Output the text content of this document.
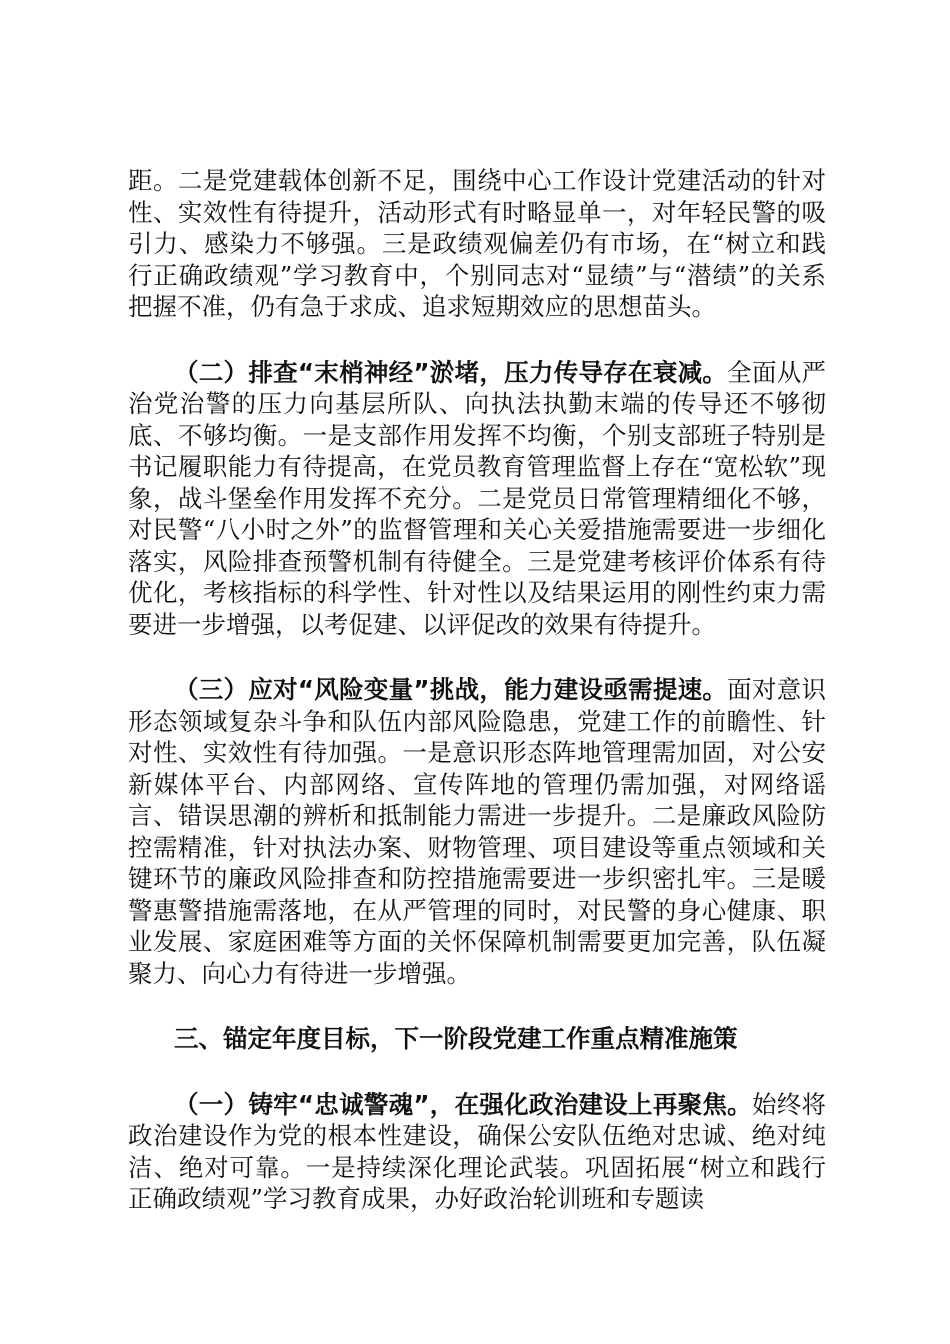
距。二是党建载体创新不足，围绕中心工作设计党建活动的针对性、实效性有待提升，活动形式有时略显单一，对年轻民警的吸引力、感染力不够强。三是政绩观偏差仍有市场，在“树立和践行正确政绩观”学习教育中，个别同志对“显绩”与“潜绩”的关系把握不准，仍有急于求成、追求短期效应的思想苗头。

（二）排查“末梢神经”淤堵，压力传导存在衰减。全面从严治党治警的压力向基层所队、向执法执勤末端的传导还不够彻底、不够均衡。一是支部作用发挥不均衡，个别支部班子特别是书记履职能力有待提高，在党员教育管理监督上存在“宽松软”现象，战斗堡垒作用发挥不充分。二是党员日常管理精细化不够，对民警“八小时之外”的监督管理和关心关爱措施需要进一步细化落实，风险排查预警机制有待健全。三是党建考核评价体系有待优化，考核指标的科学性、针对性以及结果运用的刚性约束力需要进一步增强，以考促建、以评促改的效果有待提升。

（三）应对“风险变量”挑战，能力建设亟需提速。面对意识形态领域复杂斗争和队伍内部风险隐患，党建工作的前瞻性、针对性、实效性有待加强。一是意识形态阵地管理需加固，对公安新媒体平台、内部网络、宣传阵地的管理仍需加强，对网络谣言、错误思潮的辨析和抵制能力需进一步提升。二是廉政风险防控需精准，针对执法办案、财物管理、项目建设等重点领域和关键环节的廉政风险排查和防控措施需要进一步织密扎牢。三是暖警惠警措施需落地，在从严管理的同时，对民警的身心健康、职业发展、家庭困难等方面的关怀保障机制需要更加完善，队伍凝聚力、向心力有待进一步增强。

三、锚定年度目标，下一阶段党建工作重点精准施策

（一）铸牢“忠诚警魂”，在强化政治建设上再聚焦。始终将政治建设作为党的根本性建设，确保公安队伍绝对忠诚、绝对纯洁、绝对可靠。一是持续深化理论武装。巩固拓展“树立和践行正确政绩观”学习教育成果，办好政治轮训班和专题读
